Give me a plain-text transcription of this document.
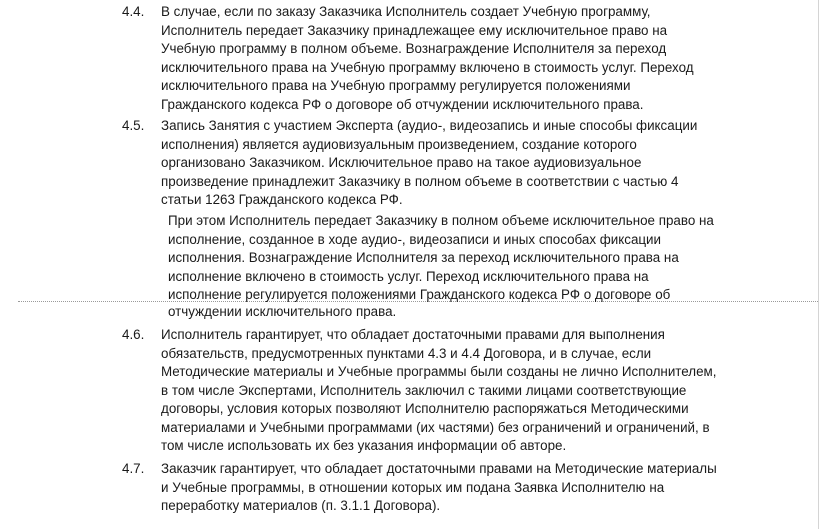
4.4. В случае, если по заказу Заказчика Исполнитель создает Учебную программу,
Исполнитель передает Заказчику принадлежащее ему исключительное право на
Учебную программу в полном объеме. Вознаграждение Исполнителя за переход
исключительного права на Учебную программу включено в стоимость услуг. Переход
исключительного права на Учебную программу регулируется положениями
Гражданского кодекса РФ о договоре об отчуждении исключительного права.
4.5. Запись Занятия с участием Эксперта (аудио-, видеозапись и иные способы фиксации
исполнения) является аудиовизуальным произведением, создание которого
организовано Заказчиком. Исключительное право на такое аудиовизуальное
произведение принадлежит Заказчику в полном объеме в соответствии с частью 4
статьи 1263 Гражданского кодекса РФ.
При этом Исполнитель передает Заказчику в полном объеме исключительное право на
исполнение, созданное в ходе аудио-, видеозаписи и иных способах фиксации
исполнения. Вознаграждение Исполнителя за переход исключительного права на
исполнение включено в стоимость услуг. Переход исключительного права на
исполнение регулируется положениями Гражданского кодекса РФ о договоре об
отчуждении исключительного права.
4.6. Исполнитель гарантирует, что обладает достаточными правами для выполнения
обязательств, предусмотренных пунктами 4.3 и 4.4 Договора, и в случае, если
Методические материалы и Учебные программы были созданы не лично Исполнителем,
в том числе Экспертами, Исполнитель заключил с такими лицами соответствующие
договоры, условия которых позволяют Исполнителю распоряжаться Методическими
материалами и Учебными программами (их частями) без ограничений и ограничений, в
том числе использовать их без указания информации об авторе.
4.7. Заказчик гарантирует, что обладает достаточными правами на Методические материалы
и Учебные программы, в отношении которых им подана Заявка Исполнителю на
переработку материалов (п. 3.1.1 Договора).
